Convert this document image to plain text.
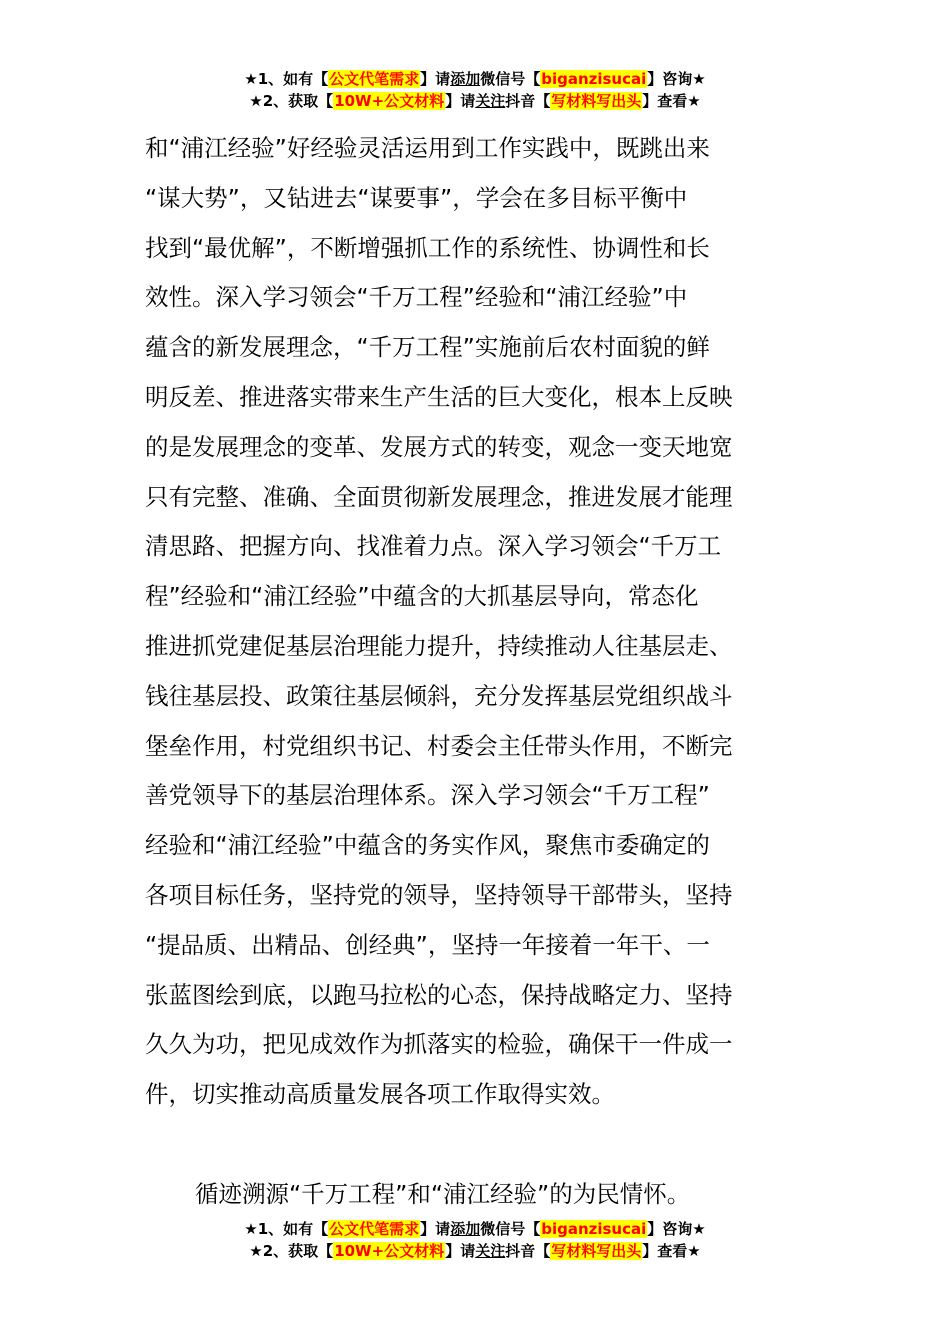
★1、如有【公文代笔需求】请添加微信号【biganzisucai】咨询★
★2、获取【10W+公文材料】请关注抖音【写材料写出头】查看★
和“浦江经验”好经验灵活运用到工作实践中，既跳出来
“谋大势”，又钻进去“谋要事”，学会在多目标平衡中
找到“最优解”，不断增强抓工作的系统性、协调性和长
效性。深入学习领会“千万工程”经验和“浦江经验”中
蕴含的新发展理念，“千万工程”实施前后农村面貌的鲜
明反差、推进落实带来生产生活的巨大变化，根本上反映
的是发展理念的变革、发展方式的转变，观念一变天地宽
只有完整、准确、全面贯彻新发展理念，推进发展才能理
清思路、把握方向、找准着力点。深入学习领会“千万工
程”经验和“浦江经验”中蕴含的大抓基层导向，常态化
推进抓党建促基层治理能力提升，持续推动人往基层走、
钱往基层投、政策往基层倾斜，充分发挥基层党组织战斗
堡垒作用，村党组织书记、村委会主任带头作用，不断完
善党领导下的基层治理体系。深入学习领会“千万工程”
经验和“浦江经验”中蕴含的务实作风，聚焦市委确定的
各项目标任务，坚持党的领导，坚持领导干部带头，坚持
“提品质、出精品、创经典”，坚持一年接着一年干、一
张蓝图绘到底，以跑马拉松的心态，保持战略定力、坚持
久久为功，把见成效作为抓落实的检验，确保干一件成一
件，切实推动高质量发展各项工作取得实效。
循迹溯源“千万工程”和“浦江经验”的为民情怀。
★1、如有【公文代笔需求】请添加微信号【biganzisucai】咨询★
★2、获取【10W+公文材料】请关注抖音【写材料写出头】查看★
